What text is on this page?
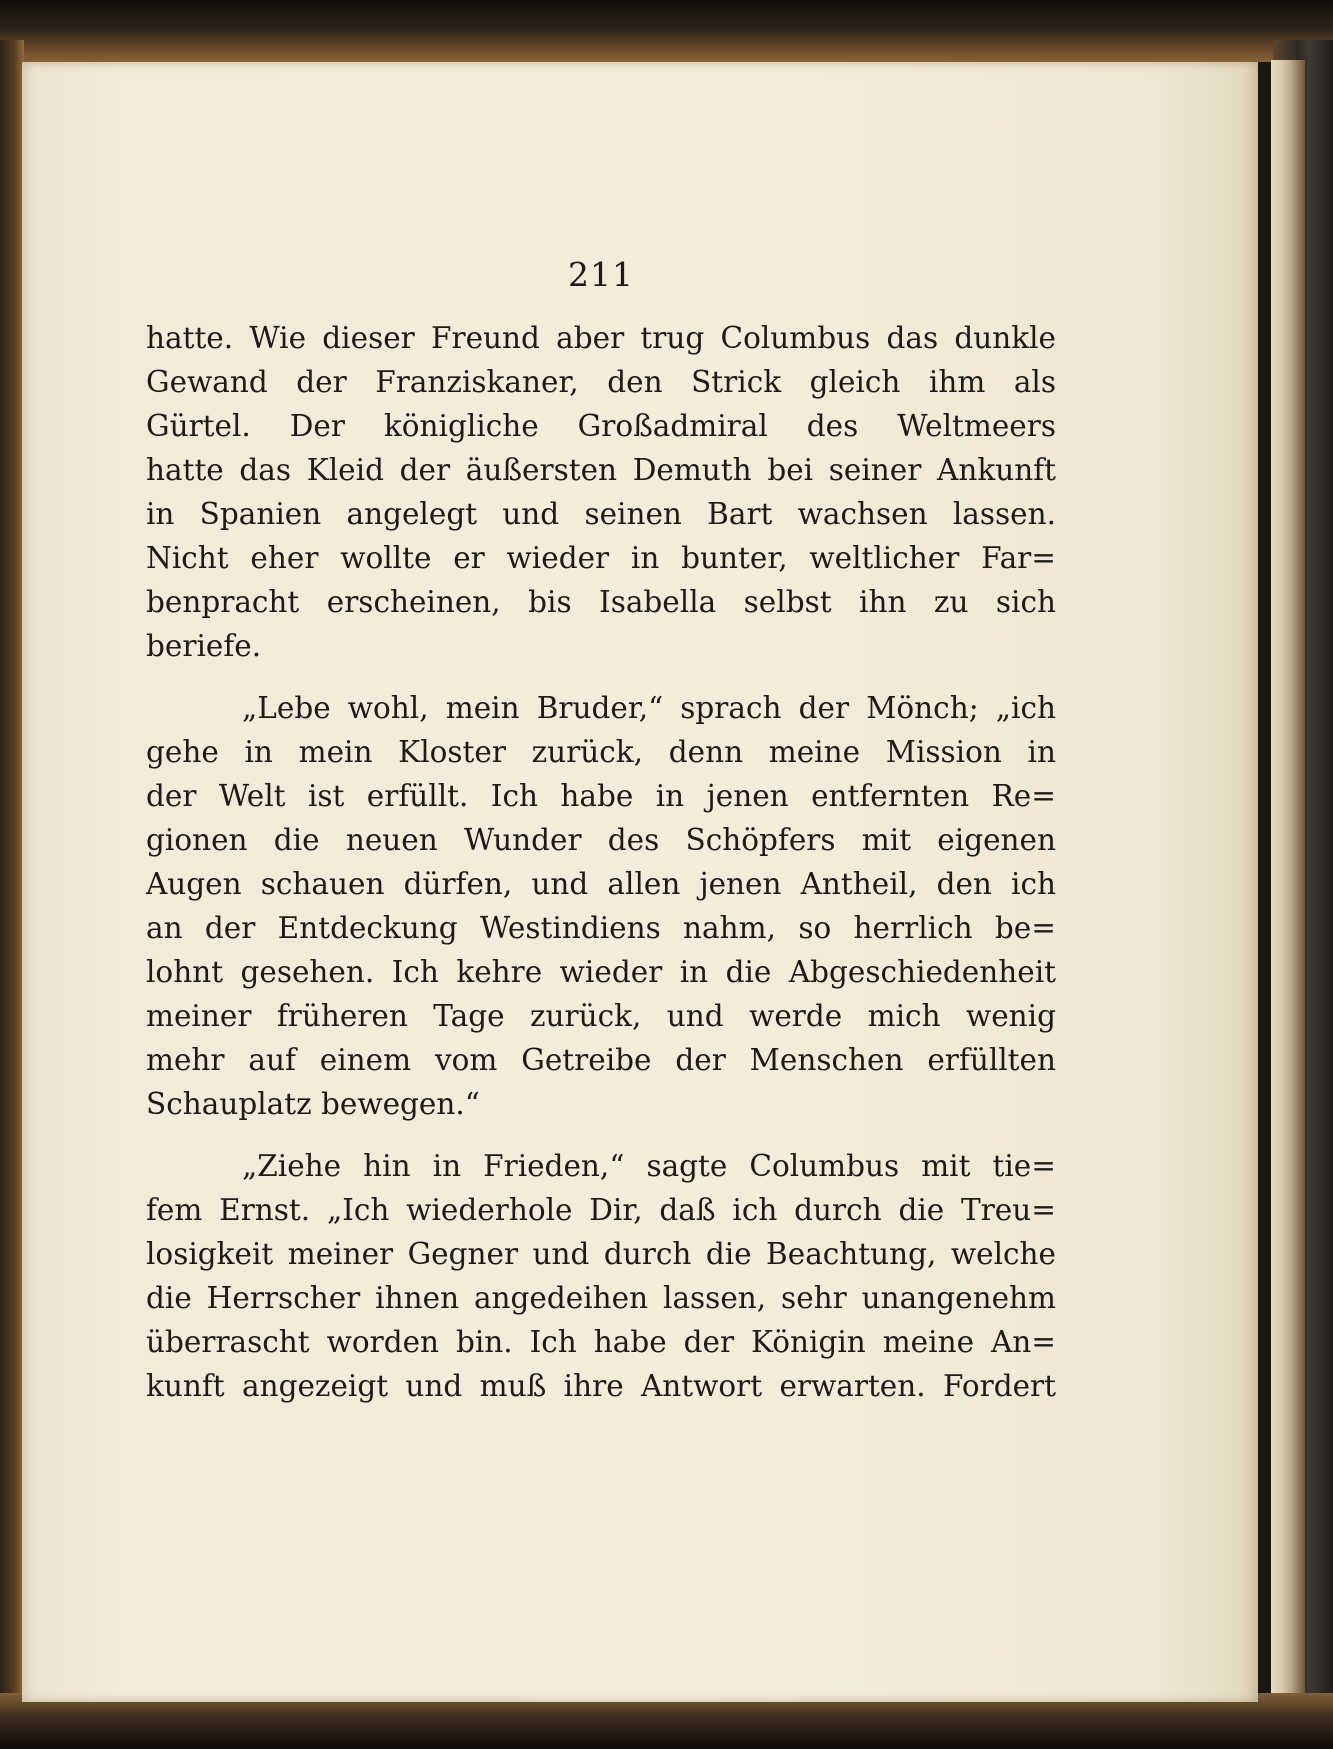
211

hatte. Wie dieser Freund aber trug Columbus das dunkle
Gewand der Franziskaner, den Strick gleich ihm als
Gürtel. Der königliche Großadmiral des Weltmeers
hatte das Kleid der äußersten Demuth bei seiner Ankunft
in Spanien angelegt und seinen Bart wachsen lassen.
Nicht eher wollte er wieder in bunter, weltlicher Far=
benpracht erscheinen, bis Isabella selbst ihn zu sich
beriefe.

„Lebe wohl, mein Bruder,“ sprach der Mönch; „ich
gehe in mein Kloster zurück, denn meine Mission in
der Welt ist erfüllt. Ich habe in jenen entfernten Re=
gionen die neuen Wunder des Schöpfers mit eigenen
Augen schauen dürfen, und allen jenen Antheil, den ich
an der Entdeckung Westindiens nahm, so herrlich be=
lohnt gesehen. Ich kehre wieder in die Abgeschiedenheit
meiner früheren Tage zurück, und werde mich wenig
mehr auf einem vom Getreibe der Menschen erfüllten
Schauplatz bewegen.“

„Ziehe hin in Frieden,“ sagte Columbus mit tie=
fem Ernst. „Ich wiederhole Dir, daß ich durch die Treu=
losigkeit meiner Gegner und durch die Beachtung, welche
die Herrscher ihnen angedeihen lassen, sehr unangenehm
überrascht worden bin. Ich habe der Königin meine An=
kunft angezeigt und muß ihre Antwort erwarten. Fordert
